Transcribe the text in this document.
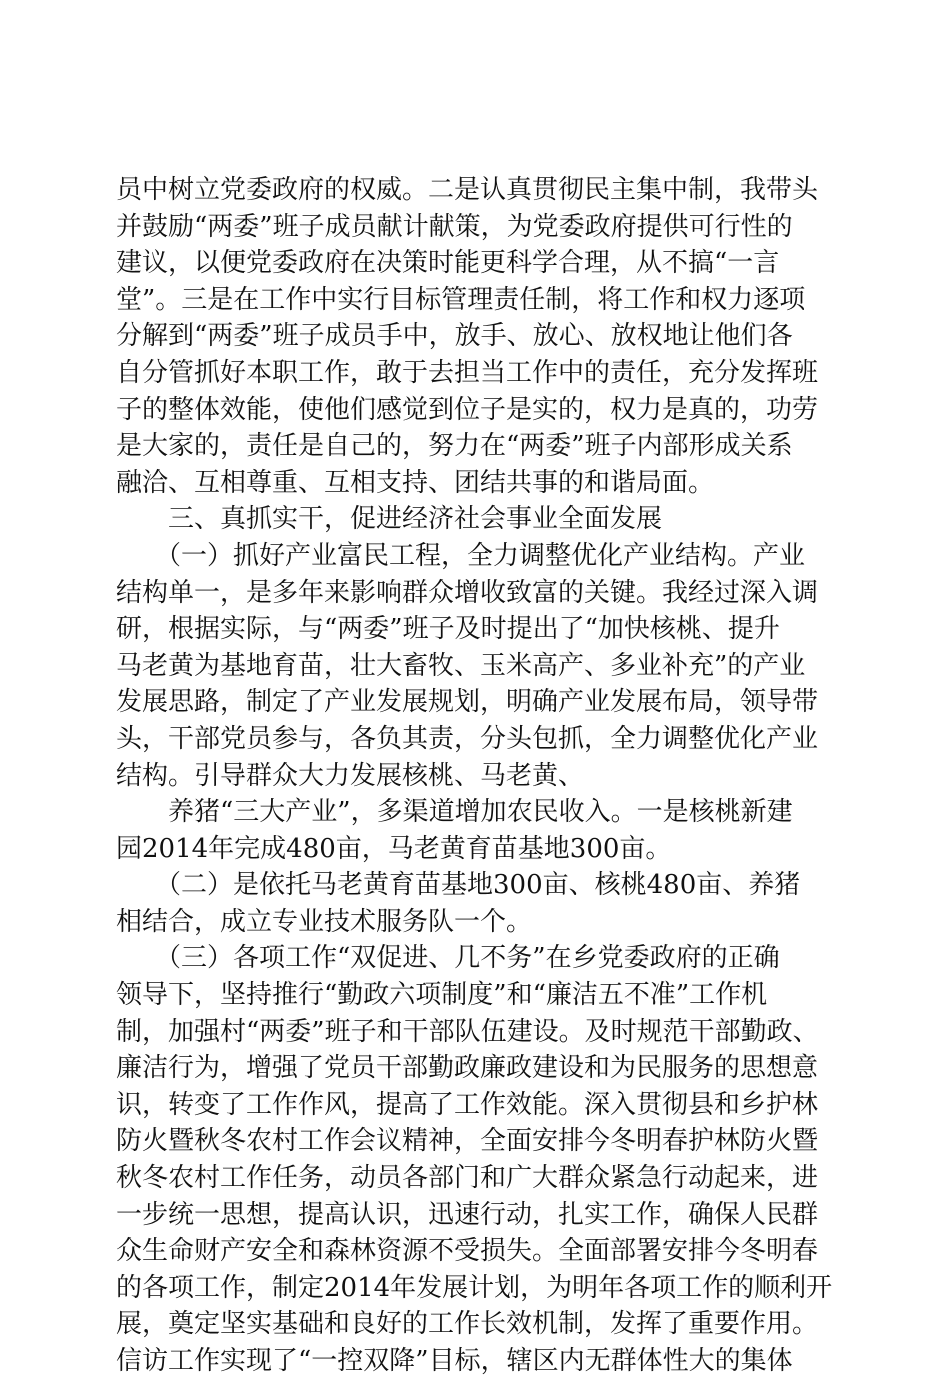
员中树立党委政府的权威。二是认真贯彻民主集中制，我带头
并鼓励“两委”班子成员献计献策，为党委政府提供可行性的
建议，以便党委政府在决策时能更科学合理，从不搞“一言
堂”。三是在工作中实行目标管理责任制，将工作和权力逐项
分解到“两委”班子成员手中，放手、放心、放权地让他们各
自分管抓好本职工作，敢于去担当工作中的责任，充分发挥班
子的整体效能，使他们感觉到位子是实的，权力是真的，功劳
是大家的，责任是自己的，努力在“两委”班子内部形成关系
融洽、互相尊重、互相支持、团结共事的和谐局面。
　　三、真抓实干，促进经济社会事业全面发展
　　（一）抓好产业富民工程，全力调整优化产业结构。产业
结构单一，是多年来影响群众增收致富的关键。我经过深入调
研，根据实际，与“两委”班子及时提出了“加快核桃、提升
马老黄为基地育苗，壮大畜牧、玉米高产、多业补充”的产业
发展思路，制定了产业发展规划，明确产业发展布局，领导带
头，干部党员参与，各负其责，分头包抓，全力调整优化产业
结构。引导群众大力发展核桃、马老黄、
　　养猪“三大产业”，多渠道增加农民收入。一是核桃新建
园2014年完成480亩，马老黄育苗基地300亩。
　　（二）是依托马老黄育苗基地300亩、核桃480亩、养猪
相结合，成立专业技术服务队一个。
　　（三）各项工作“双促进、几不务”在乡党委政府的正确
领导下，坚持推行“勤政六项制度”和“廉洁五不准”工作机
制，加强村“两委”班子和干部队伍建设。及时规范干部勤政、
廉洁行为，增强了党员干部勤政廉政建设和为民服务的思想意
识，转变了工作作风，提高了工作效能。深入贯彻县和乡护林
防火暨秋冬农村工作会议精神，全面安排今冬明春护林防火暨
秋冬农村工作任务，动员各部门和广大群众紧急行动起来，进
一步统一思想，提高认识，迅速行动，扎实工作，确保人民群
众生命财产安全和森林资源不受损失。全面部署安排今冬明春
的各项工作，制定2014年发展计划，为明年各项工作的顺利开
展，奠定坚实基础和良好的工作长效机制，发挥了重要作用。
信访工作实现了“一控双降”目标，辖区内无群体性大的集体
